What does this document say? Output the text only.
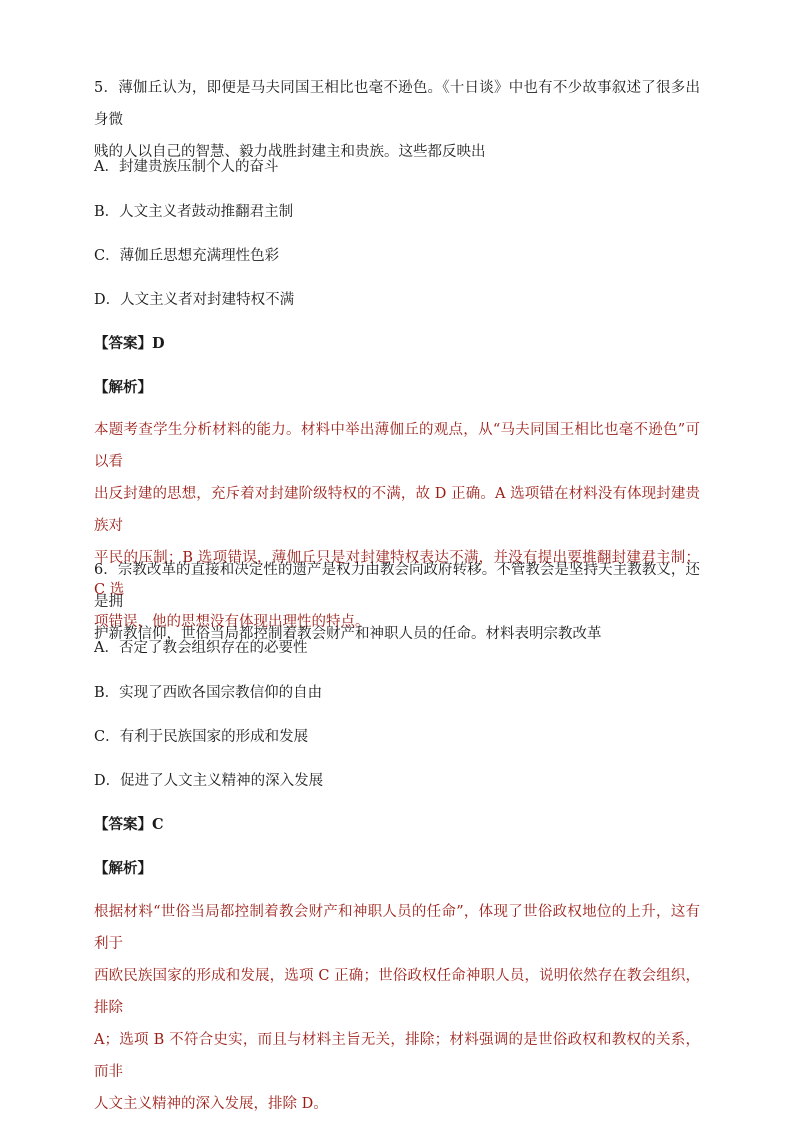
5．薄伽丘认为，即便是马夫同国王相比也毫不逊色。《十日谈》中也有不少故事叙述了很多出身微

贱的人以自己的智慧、毅力战胜封建主和贵族。这些都反映出

A．封建贵族压制个人的奋斗
B．人文主义者鼓动推翻君主制
C．薄伽丘思想充满理性色彩
D．人文主义者对封建特权不满
【答案】D
【解析】

本题考查学生分析材料的能力。材料中举出薄伽丘的观点，从“马夫同国王相比也毫不逊色”可以看

出反封建的思想，充斥着对封建阶级特权的不满，故 D 正确。A 选项错在材料没有体现封建贵族对

平民的压制；B 选项错误，薄伽丘只是对封建特权表达不满，并没有提出要推翻封建君主制；C 选

项错误，他的思想没有体现出理性的特点。

6．宗教改革的直接和决定性的遗产是权力由教会向政府转移。不管教会是坚持天主教教义，还是拥

护新教信仰，世俗当局都控制着教会财产和神职人员的任命。材料表明宗教改革

A．否定了教会组织存在的必要性
B．实现了西欧各国宗教信仰的自由
C．有利于民族国家的形成和发展
D．促进了人文主义精神的深入发展
【答案】C
【解析】

根据材料“世俗当局都控制着教会财产和神职人员的任命”，体现了世俗政权地位的上升，这有利于

西欧民族国家的形成和发展，选项 C 正确；世俗政权任命神职人员，说明依然存在教会组织，排除

A；选项 B 不符合史实，而且与材料主旨无关，排除；材料强调的是世俗政权和教权的关系，而非

人文主义精神的深入发展，排除 D。
